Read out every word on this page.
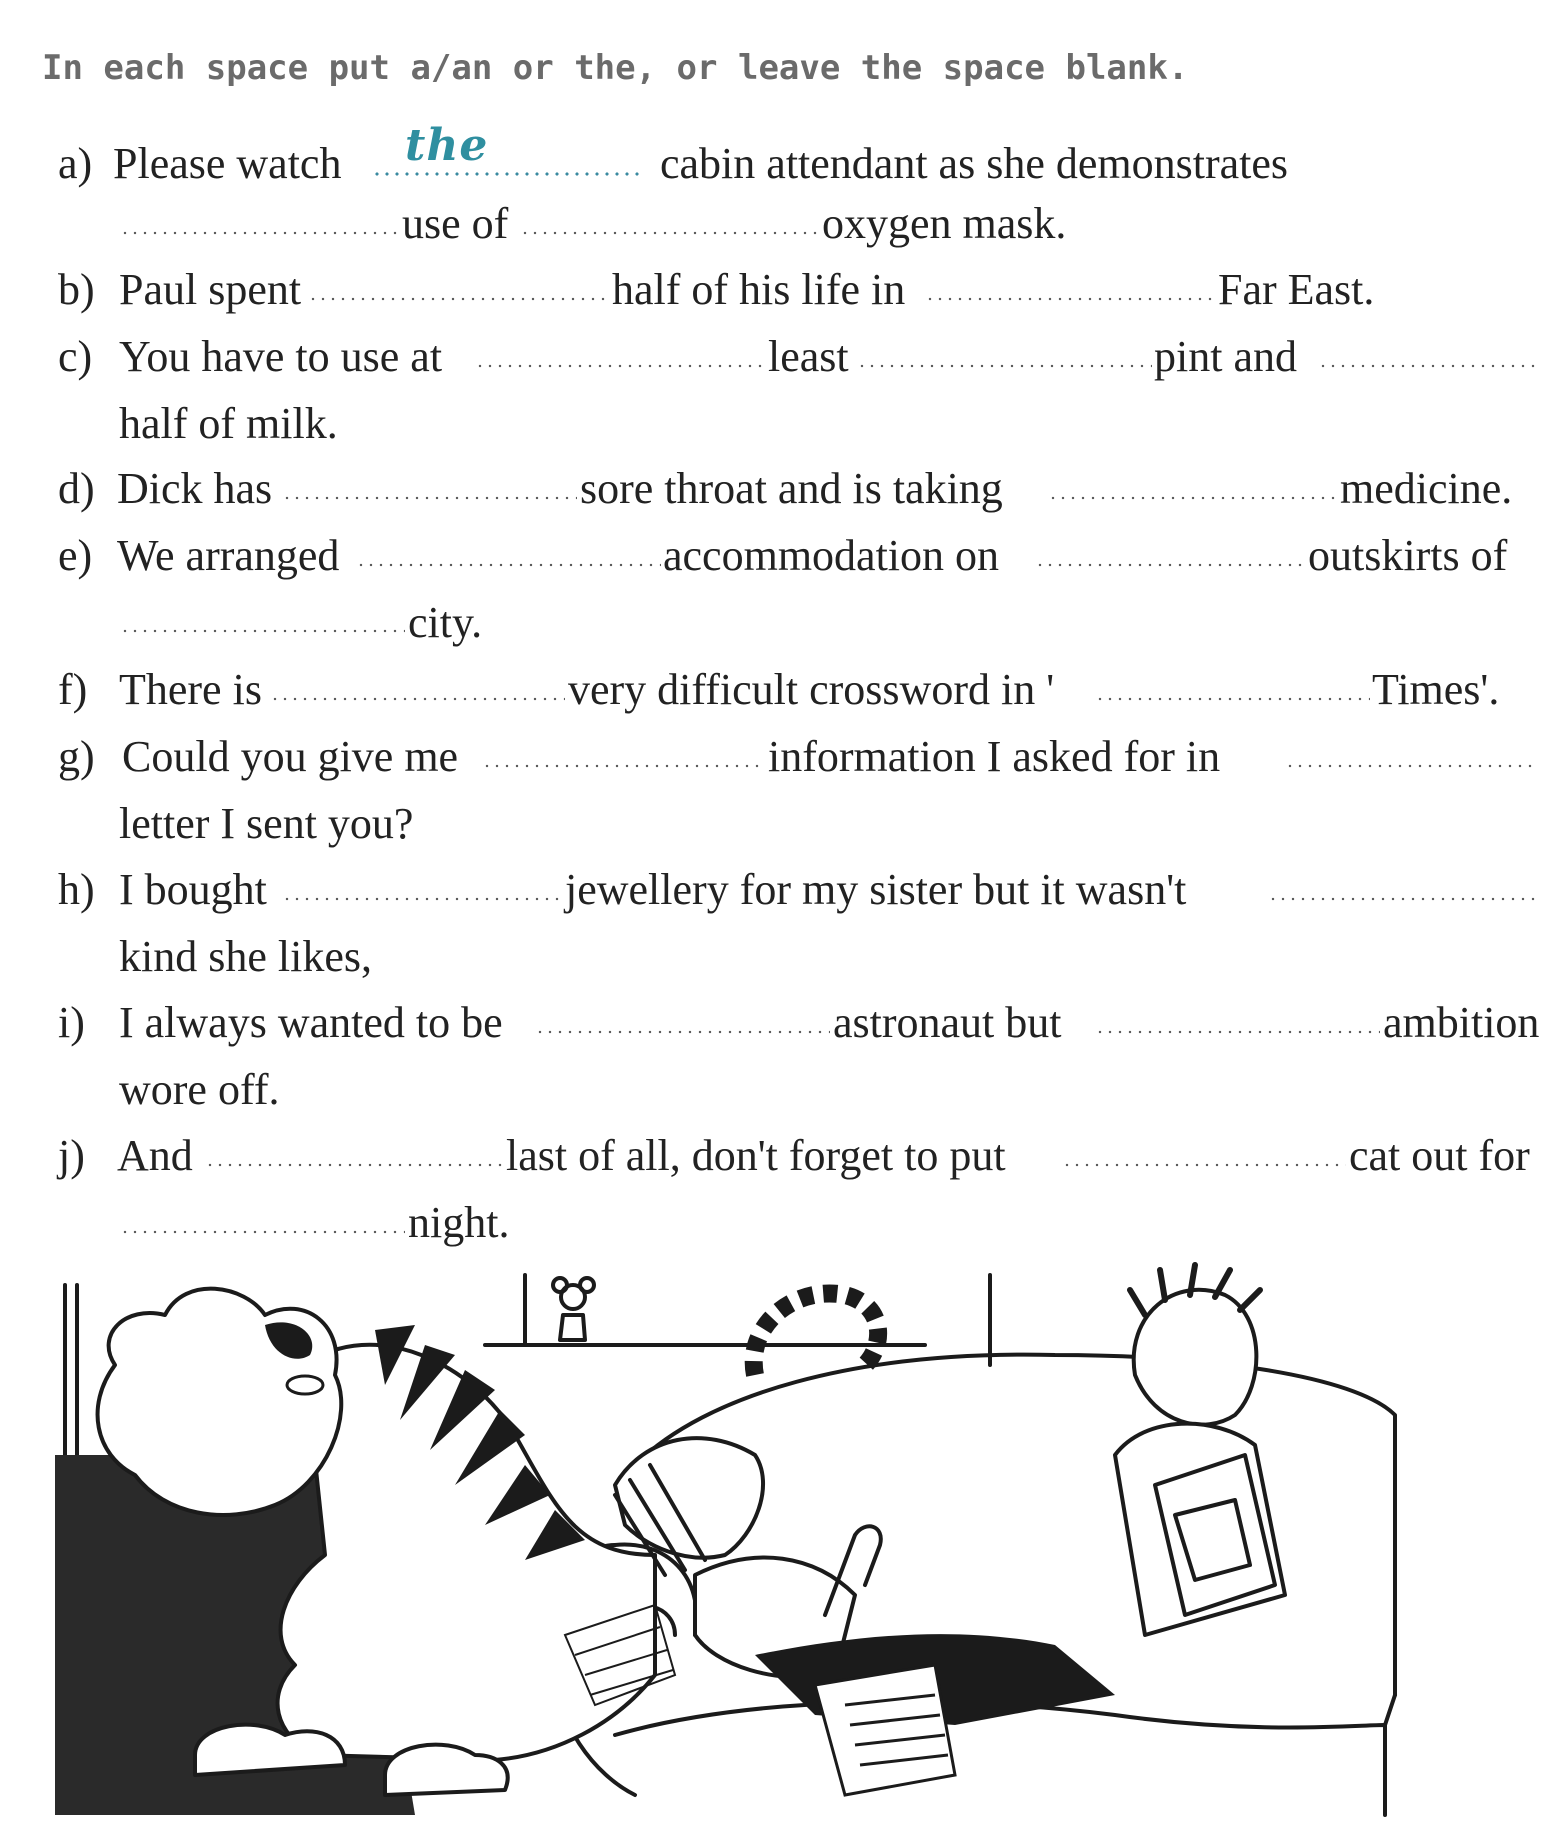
In each space put a/an or the, or leave the space blank.
a) Please watch the	cabin attendant as she demonstrates
use of	oxygen mask.
b) Paul spent	half of his life in	Far East.
c) You have to use at	least	pint and
half of milk.
d) Dick has	sore throat and is taking	medicine.
e) We arranged	accommodation on	outskirts of
city.
f) There is	very difficult crossword in '	Times'.
g) Could you give me	information I asked for in
letter I sent you?
h) I bought	jewellery for my sister but it wasn't
kind she likes,
i) I always wanted to be	astronaut but	ambition
wore off.
j) And	last of all, don't forget to put	cat out for
night.
